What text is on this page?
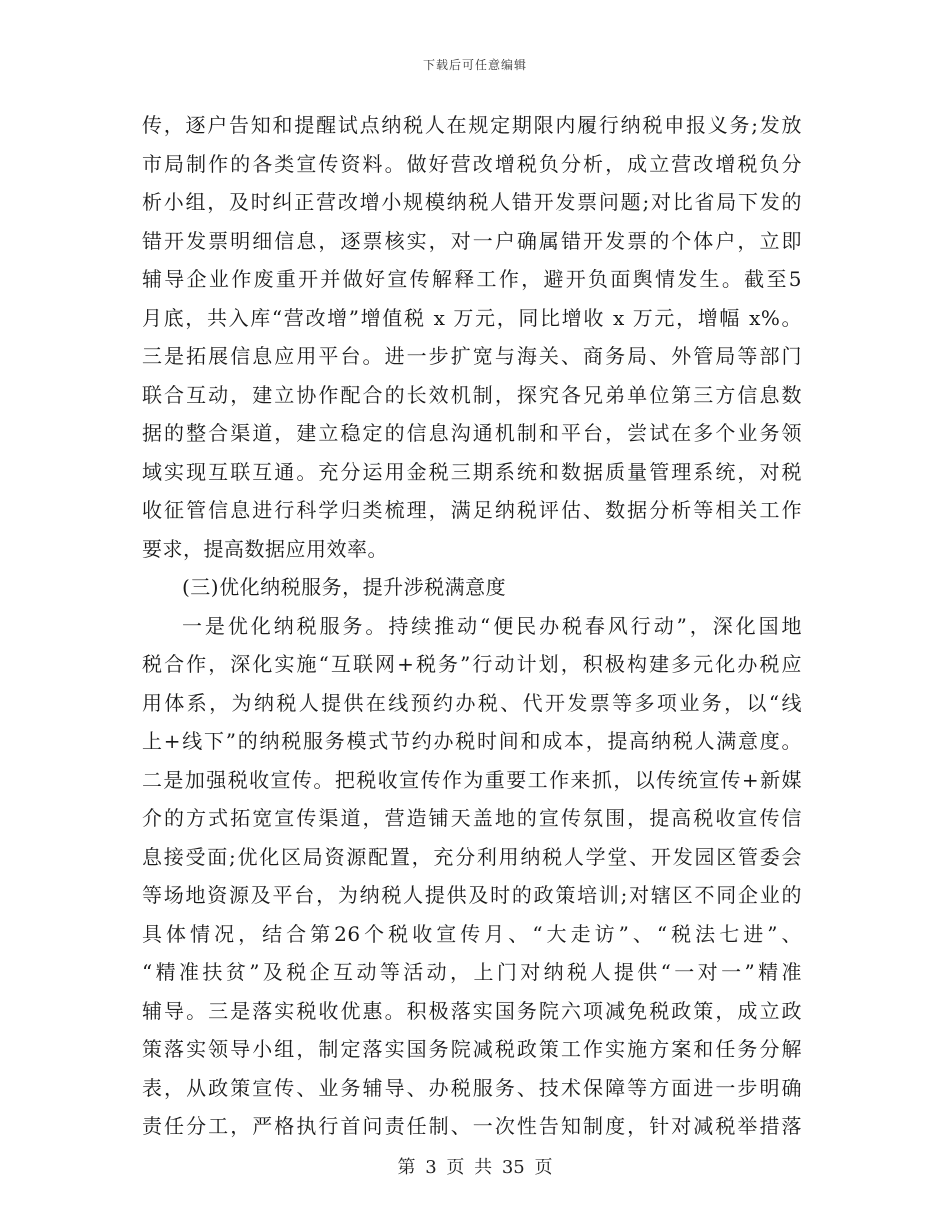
下载后可任意编辑
传，逐户告知和提醒试点纳税人在规定期限内履行纳税申报义务;发放
市局制作的各类宣传资料。做好营改增税负分析，成立营改增税负分
析小组，及时纠正营改增小规模纳税人错开发票问题;对比省局下发的
错开发票明细信息，逐票核实，对一户确属错开发票的个体户，立即
辅导企业作废重开并做好宣传解释工作，避开负面舆情发生。截至5
月底，共入库“营改增”增值税 x 万元，同比增收 x 万元，增幅 x%。
三是拓展信息应用平台。进一步扩宽与海关、商务局、外管局等部门
联合互动，建立协作配合的长效机制，探究各兄弟单位第三方信息数
据的整合渠道，建立稳定的信息沟通机制和平台，尝试在多个业务领
域实现互联互通。充分运用金税三期系统和数据质量管理系统，对税
收征管信息进行科学归类梳理，满足纳税评估、数据分析等相关工作
要求，提高数据应用效率。
(三)优化纳税服务，提升涉税满意度
一是优化纳税服务。持续推动“便民办税春风行动”，深化国地
税合作，深化实施“互联网+税务”行动计划，积极构建多元化办税应
用体系，为纳税人提供在线预约办税、代开发票等多项业务，以“线
上+线下”的纳税服务模式节约办税时间和成本，提高纳税人满意度。
二是加强税收宣传。把税收宣传作为重要工作来抓，以传统宣传+新媒
介的方式拓宽宣传渠道，营造铺天盖地的宣传氛围，提高税收宣传信
息接受面;优化区局资源配置，充分利用纳税人学堂、开发园区管委会
等场地资源及平台，为纳税人提供及时的政策培训;对辖区不同企业的
具体情况，结合第26个税收宣传月、“大走访”、“税法七进”、
“精准扶贫”及税企互动等活动，上门对纳税人提供“一对一”精准
辅导。三是落实税收优惠。积极落实国务院六项减免税政策，成立政
策落实领导小组，制定落实国务院减税政策工作实施方案和任务分解
表，从政策宣传、业务辅导、办税服务、技术保障等方面进一步明确
责任分工，严格执行首问责任制、一次性告知制度，针对减税举措落
第 3 页 共 35 页
